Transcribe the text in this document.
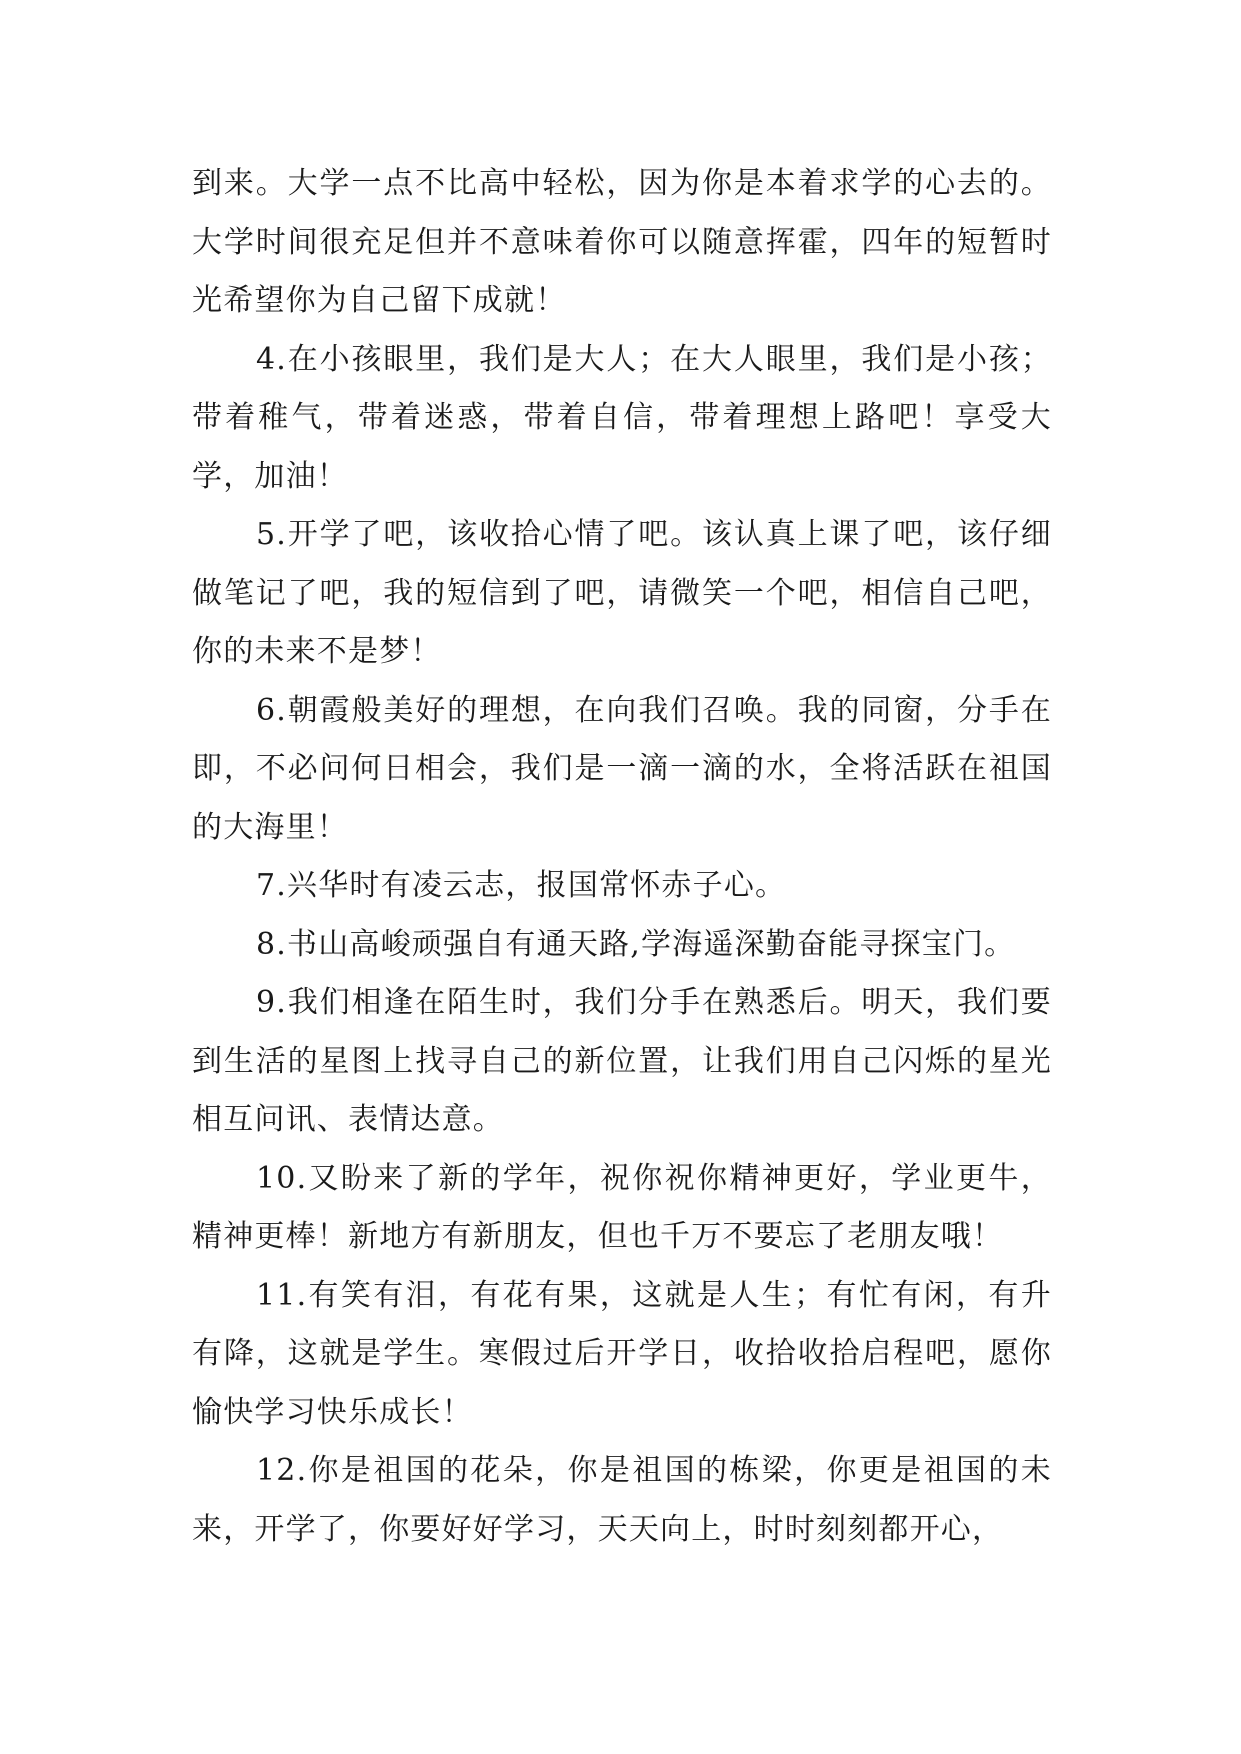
到来。大学一点不比高中轻松，因为你是本着求学的心去的。大学时间很充足但并不意味着你可以随意挥霍，四年的短暂时光希望你为自己留下成就！

4.在小孩眼里，我们是大人；在大人眼里，我们是小孩；带着稚气，带着迷惑，带着自信，带着理想上路吧！享受大学，加油！

5.开学了吧，该收拾心情了吧。该认真上课了吧，该仔细做笔记了吧，我的短信到了吧，请微笑一个吧，相信自己吧，你的未来不是梦！

6.朝霞般美好的理想，在向我们召唤。我的同窗，分手在即，不必问何日相会，我们是一滴一滴的水，全将活跃在祖国的大海里！

7.兴华时有凌云志，报国常怀赤子心。

8.书山高峻顽强自有通天路,学海遥深勤奋能寻探宝门。

9.我们相逢在陌生时，我们分手在熟悉后。明天，我们要到生活的星图上找寻自己的新位置，让我们用自己闪烁的星光相互问讯、表情达意。

10.又盼来了新的学年，祝你祝你精神更好，学业更牛，精神更棒！新地方有新朋友，但也千万不要忘了老朋友哦！

11.有笑有泪，有花有果，这就是人生；有忙有闲，有升有降，这就是学生。寒假过后开学日，收拾收拾启程吧，愿你愉快学习快乐成长！

12.你是祖国的花朵，你是祖国的栋梁，你更是祖国的未来，开学了，你要好好学习，天天向上，时时刻刻都开心，
